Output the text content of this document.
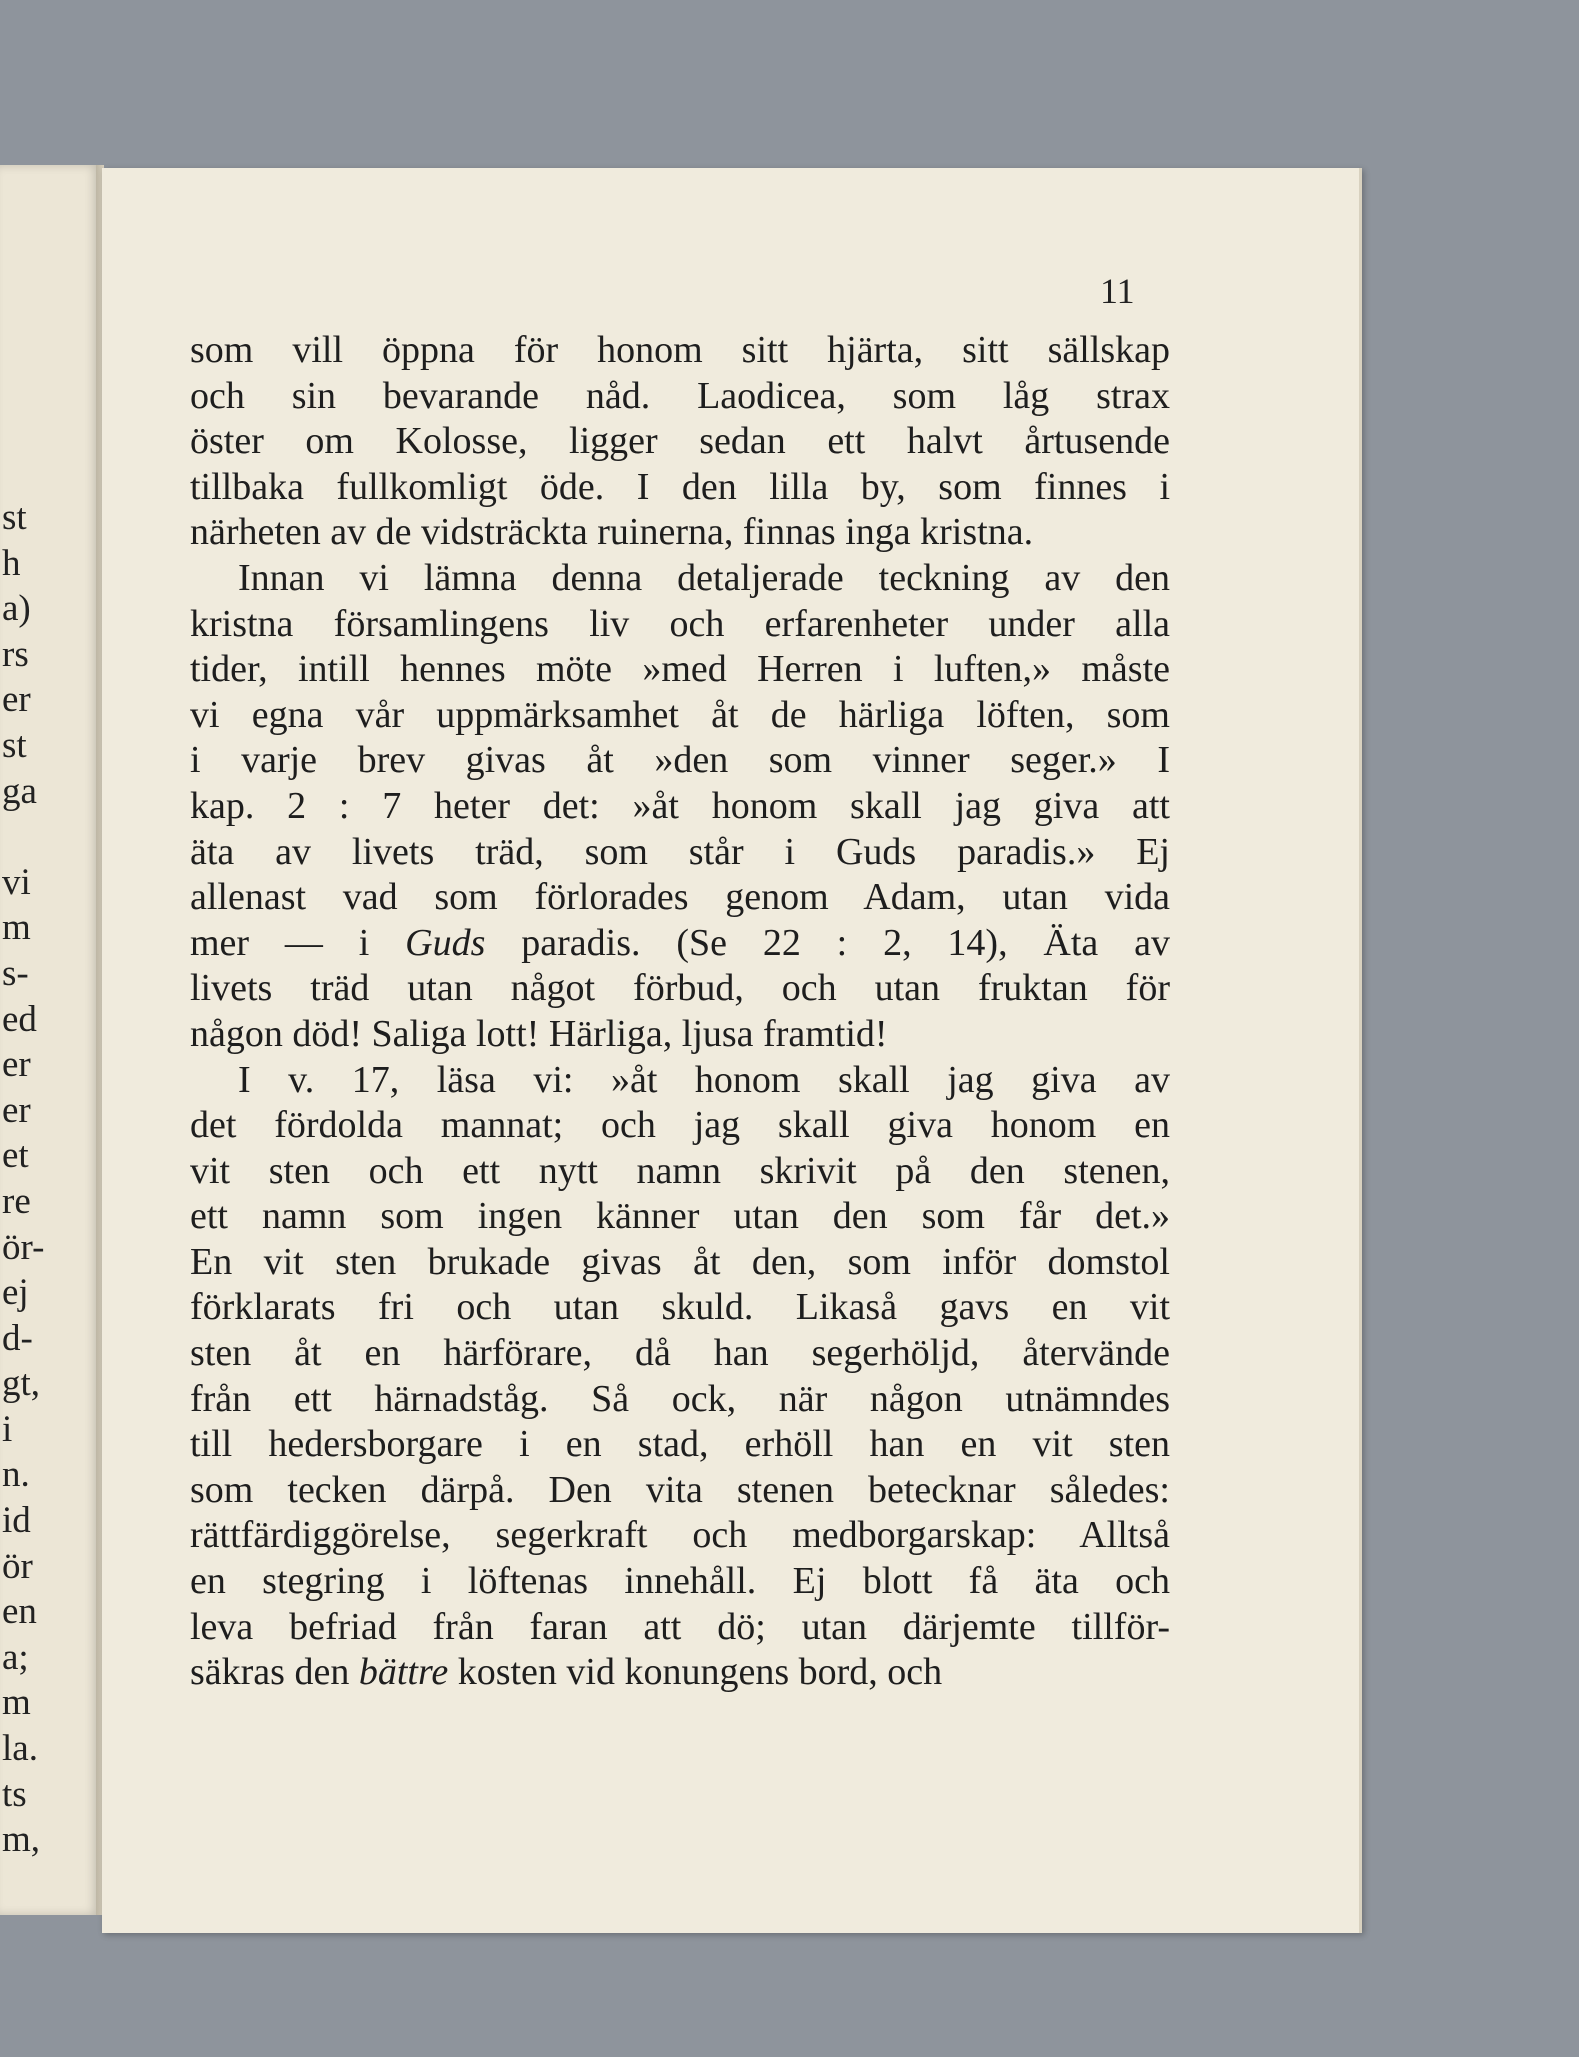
st
h
a)
rs
er
st
ga

vi
m
s-
ed
er
er
et
re
ör-
ej
d-
gt,
i
n.
id
ör
en
a;
m
la.
ts
m,
11
som vill öppna för honom sitt hjärta, sitt sällskap
och sin bevarande nåd. Laodicea, som låg strax
öster om Kolosse, ligger sedan ett halvt årtusende
tillbaka fullkomligt öde. I den lilla by, som finnes i
närheten av de vidsträckta ruinerna, finnas inga kristna.
Innan vi lämna denna detaljerade teckning av den
kristna församlingens liv och erfarenheter under alla
tider, intill hennes möte »med Herren i luften,» måste
vi egna vår uppmärksamhet åt de härliga löften, som
i varje brev givas åt »den som vinner seger.» I
kap. 2 : 7 heter det: »åt honom skall jag giva att
äta av livets träd, som står i Guds paradis.» Ej
allenast vad som förlorades genom Adam, utan vida
mer — i Guds paradis. (Se 22 : 2, 14), Äta av
livets träd utan något förbud, och utan fruktan för
någon död! Saliga lott! Härliga, ljusa framtid!
I v. 17, läsa vi: »åt honom skall jag giva av
det fördolda mannat; och jag skall giva honom en
vit sten och ett nytt namn skrivit på den stenen,
ett namn som ingen känner utan den som får det.»
En vit sten brukade givas åt den, som inför domstol
förklarats fri och utan skuld. Likaså gavs en vit
sten åt en härförare, då han segerhöljd, återvände
från ett härnadståg. Så ock, när någon utnämndes
till hedersborgare i en stad, erhöll han en vit sten
som tecken därpå. Den vita stenen betecknar således:
rättfärdiggörelse, segerkraft och medborgarskap: Alltså
en stegring i löftenas innehåll. Ej blott få äta och
leva befriad från faran att dö; utan därjemte tillför-
säkras den bättre kosten vid konungens bord, och
